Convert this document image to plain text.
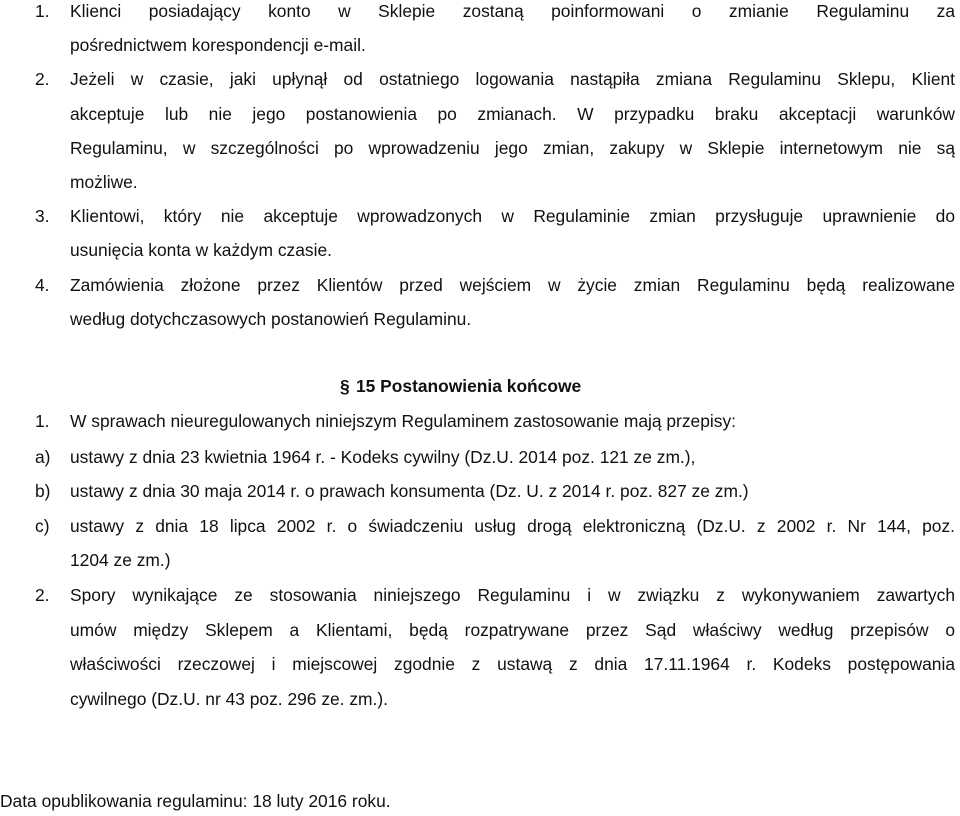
1. Klienci posiadający konto w Sklepie zostaną poinformowani o zmianie Regulaminu za
pośrednictwem korespondencji e-mail.
2. Jeżeli w czasie, jaki upłynął od ostatniego logowania nastąpiła zmiana Regulaminu Sklepu, Klient
akceptuje lub nie jego postanowienia po zmianach. W przypadku braku akceptacji warunków
Regulaminu, w szczególności po wprowadzeniu jego zmian, zakupy w Sklepie internetowym nie są
możliwe.
3. Klientowi, który nie akceptuje wprowadzonych w Regulaminie zmian przysługuje uprawnienie do
usunięcia konta w każdym czasie.
4. Zamówienia złożone przez Klientów przed wejściem w życie zmian Regulaminu będą realizowane
według dotychczasowych postanowień Regulaminu.
§ 15 Postanowienia końcowe
1. W sprawach nieuregulowanych niniejszym Regulaminem zastosowanie mają przepisy:
a) ustawy z dnia 23 kwietnia 1964 r. - Kodeks cywilny (Dz.U. 2014 poz. 121 ze zm.),
b) ustawy z dnia 30 maja 2014 r. o prawach konsumenta (Dz. U. z 2014 r. poz. 827 ze zm.)
c) ustawy z dnia 18 lipca 2002 r. o świadczeniu usług drogą elektroniczną (Dz.U. z 2002 r. Nr 144, poz.
1204 ze zm.)
2. Spory wynikające ze stosowania niniejszego Regulaminu i w związku z wykonywaniem zawartych
umów między Sklepem a Klientami, będą rozpatrywane przez Sąd właściwy według przepisów o
właściwości rzeczowej i miejscowej zgodnie z ustawą z dnia 17.11.1964 r. Kodeks postępowania
cywilnego (Dz.U. nr 43 poz. 296 ze. zm.).
Data opublikowania regulaminu: 18 luty 2016 roku.
